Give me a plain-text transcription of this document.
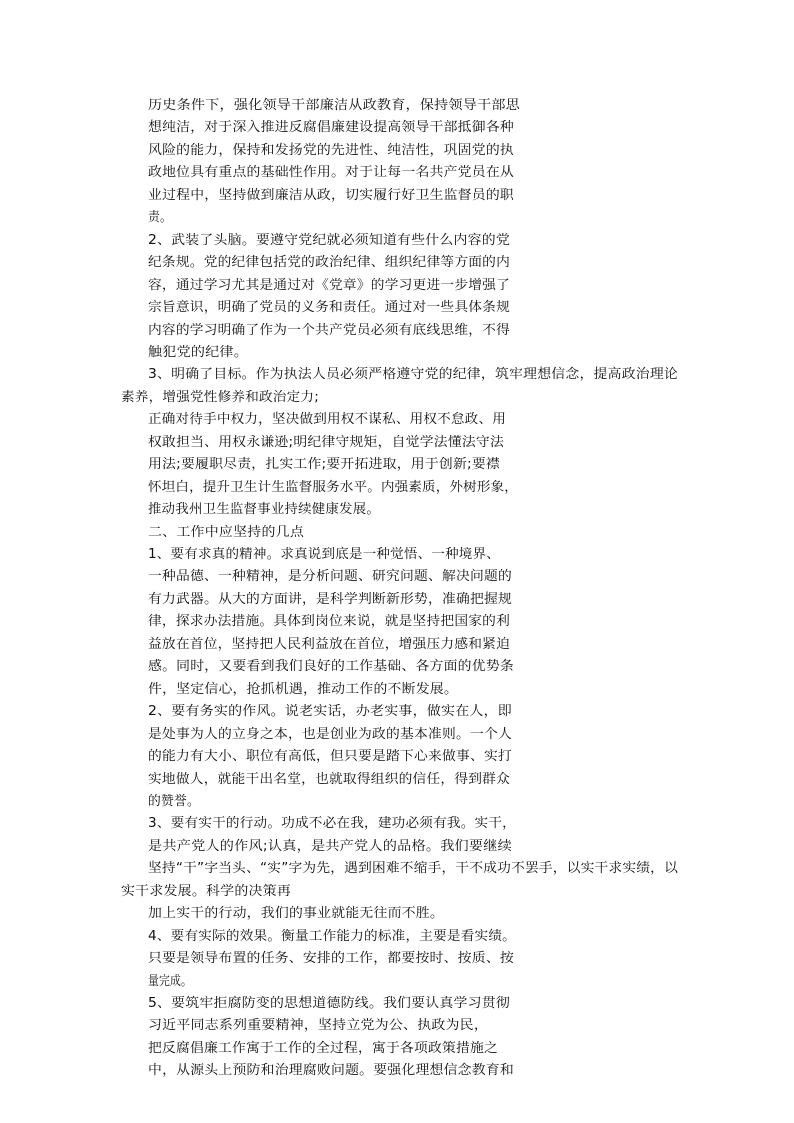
历史条件下，强化领导干部廉洁从政教育，保持领导干部思
想纯洁，对于深入推进反腐倡廉建设提高领导干部抵御各种
风险的能力，保持和发扬党的先进性、纯洁性，巩固党的执
政地位具有重点的基础性作用。对于让每一名共产党员在从
业过程中，坚持做到廉洁从政，切实履行好卫生监督员的职
责。
2、武装了头脑。要遵守党纪就必须知道有些什么内容的党
纪条规。党的纪律包括党的政治纪律、组织纪律等方面的内
容，通过学习尤其是通过对《党章》的学习更进一步增强了
宗旨意识，明确了党员的义务和责任。通过对一些具体条规
内容的学习明确了作为一个共产党员必须有底线思维，不得
触犯党的纪律。
3、明确了目标。作为执法人员必须严格遵守党的纪律，筑牢理想信念，提高政治理论
素养，增强党性修养和政治定力;
正确对待手中权力，坚决做到用权不谋私、用权不怠政、用
权敢担当、用权永谦逊;明纪律守规矩，自觉学法懂法守法
用法;要履职尽责，扎实工作;要开拓进取，用于创新;要襟
怀坦白，提升卫生计生监督服务水平。内强素质，外树形象，
推动我州卫生监督事业持续健康发展。
二、工作中应坚持的几点
1、要有求真的精神。求真说到底是一种觉悟、一种境界、
一种品德、一种精神，是分析问题、研究问题、解决问题的
有力武器。从大的方面讲，是科学判断新形势，准确把握规
律，探求办法措施。具体到岗位来说，就是坚持把国家的利
益放在首位，坚持把人民利益放在首位，增强压力感和紧迫
感。同时，又要看到我们良好的工作基础、各方面的优势条
件，坚定信心，抢抓机遇，推动工作的不断发展。
2、要有务实的作风。说老实话，办老实事，做实在人，即
是处事为人的立身之本，也是创业为政的基本准则。一个人
的能力有大小、职位有高低，但只要是踏下心来做事、实打
实地做人，就能干出名堂，也就取得组织的信任，得到群众
的赞誉。
3、要有实干的行动。功成不必在我，建功必须有我。实干，
是共产党人的作风;认真，是共产党人的品格。我们要继续
坚持“干”字当头、“实”字为先，遇到困难不缩手，干不成功不罢手，以实干求实绩，以
实干求发展。科学的决策再
加上实干的行动，我们的事业就能无往而不胜。
4、要有实际的效果。衡量工作能力的标准，主要是看实绩。
只要是领导布置的任务、安排的工作，都要按时、按质、按
量完成。
5、要筑牢拒腐防变的思想道德防线。我们要认真学习贯彻
习近平同志系列重要精神，坚持立党为公、执政为民，
把反腐倡廉工作寓于工作的全过程，寓于各项政策措施之
中，从源头上预防和治理腐败问题。要强化理想信念教育和
